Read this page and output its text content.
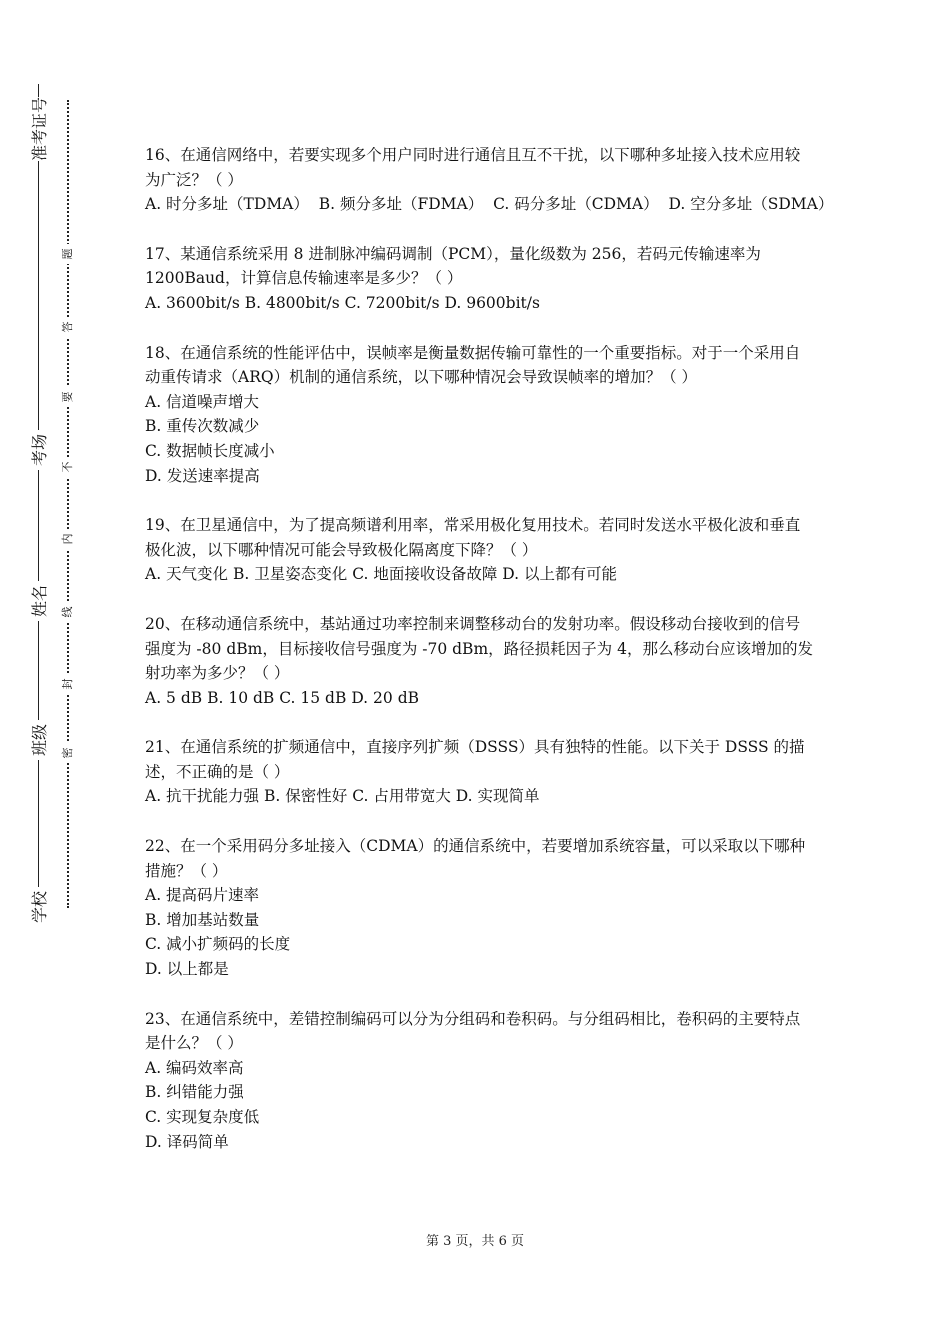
准考证号
考场
姓名
班级
学校
题
答
要
不
内
线
封
密

16、在通信网络中，若要实现多个用户同时进行通信且互不干扰，以下哪种多址接入技术应用较为广泛？（ ）

A. 时分多址（TDMA） B. 频分多址（FDMA） C. 码分多址（CDMA） D. 空分多址（SDMA）

17、某通信系统采用 8 进制脉冲编码调制（PCM），量化级数为 256，若码元传输速率为1200Baud，计算信息传输速率是多少？（ ）

A. 3600bit/s B. 4800bit/s C. 7200bit/s D. 9600bit/s

18、在通信系统的性能评估中，误帧率是衡量数据传输可靠性的一个重要指标。对于一个采用自动重传请求（ARQ）机制的通信系统，以下哪种情况会导致误帧率的增加？（ ）

A. 信道噪声增大
B. 重传次数减少
C. 数据帧长度减小
D. 发送速率提高

19、在卫星通信中，为了提高频谱利用率，常采用极化复用技术。若同时发送水平极化波和垂直极化波，以下哪种情况可能会导致极化隔离度下降？（ ）

A. 天气变化 B. 卫星姿态变化 C. 地面接收设备故障 D. 以上都有可能

20、在移动通信系统中，基站通过功率控制来调整移动台的发射功率。假设移动台接收到的信号强度为 -80 dBm，目标接收信号强度为 -70 dBm，路径损耗因子为 4，那么移动台应该增加的发射功率为多少？（ ）

A. 5 dB B. 10 dB C. 15 dB D. 20 dB

21、在通信系统的扩频通信中，直接序列扩频（DSSS）具有独特的性能。以下关于 DSSS 的描述，不正确的是（ ）

A. 抗干扰能力强 B. 保密性好 C. 占用带宽大 D. 实现简单

22、在一个采用码分多址接入（CDMA）的通信系统中，若要增加系统容量，可以采取以下哪种措施？（ ）

A. 提高码片速率
B. 增加基站数量
C. 减小扩频码的长度
D. 以上都是

23、在通信系统中，差错控制编码可以分为分组码和卷积码。与分组码相比，卷积码的主要特点是什么？（ ）

A. 编码效率高
B. 纠错能力强
C. 实现复杂度低
D. 译码简单
第 3 页，共 6 页
